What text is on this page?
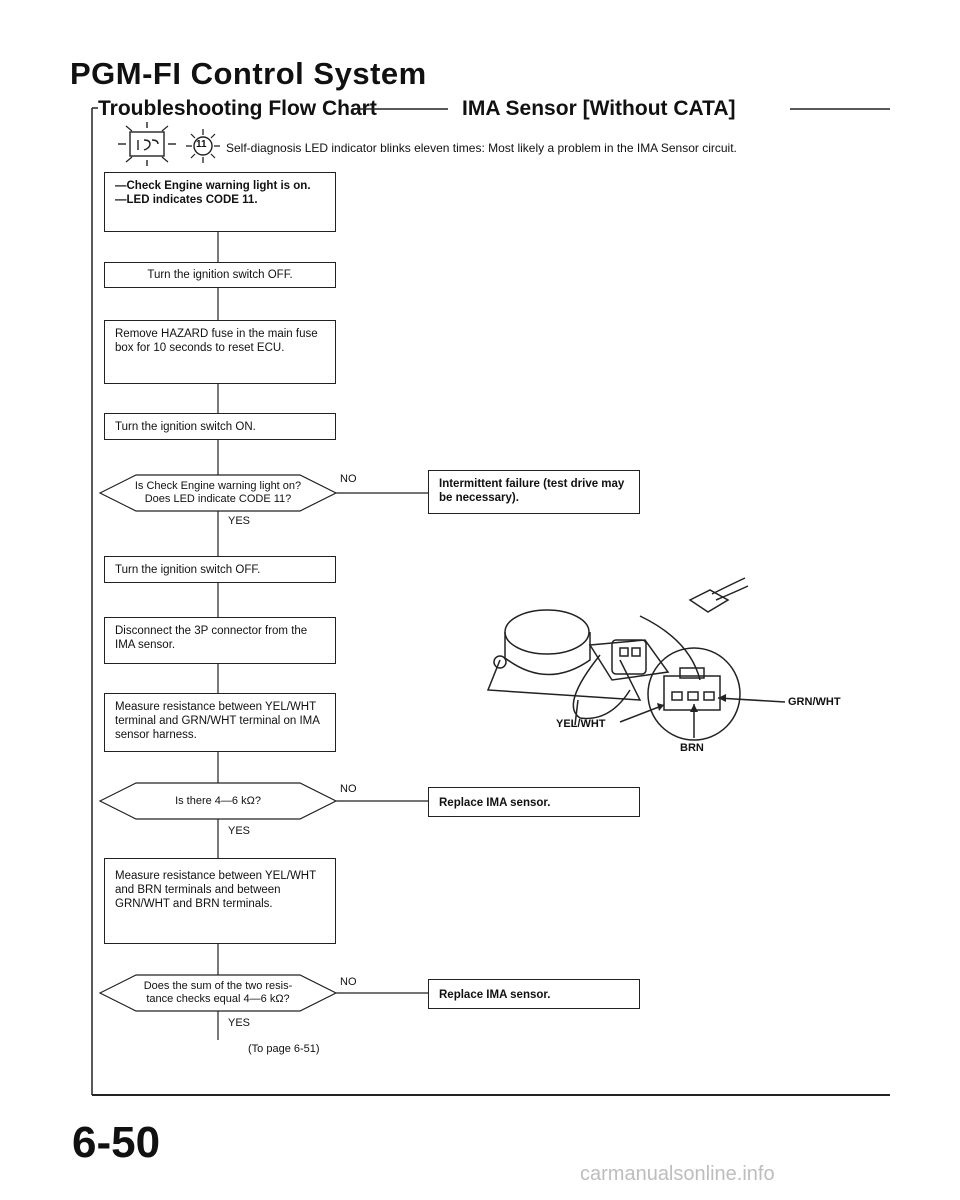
PGM-FI Control System
Troubleshooting Flow Chart	IMA Sensor [Without CATA]
Self-diagnosis LED indicator blinks eleven times: Most likely a problem in the IMA Sensor circuit.
11
—Check Engine warning light is on.
—LED indicates CODE 11.
Turn the ignition switch OFF.
Remove HAZARD fuse in the main fuse box for 10 seconds to reset ECU.
Turn the ignition switch ON.
Is Check Engine warning light on?
Does LED indicate CODE 11?
Intermittent failure (test drive may be necessary).
NO
YES
Turn the ignition switch OFF.
Disconnect the 3P connector from the IMA sensor.
Measure resistance between YEL/WHT terminal and GRN/WHT terminal on IMA sensor harness.
Is there 4—6 kΩ?	Replace IMA sensor.
NO
YES
Measure resistance between YEL/WHT and BRN terminals and between GRN/WHT and BRN terminals.
Does the sum of the two resis-
tance checks equal 4—6 kΩ?	Replace IMA sensor.
NO
YES
(To page 6-51)
GRN/WHT
YEL/WHT
BRN
6-50
carmanualsonline.info
